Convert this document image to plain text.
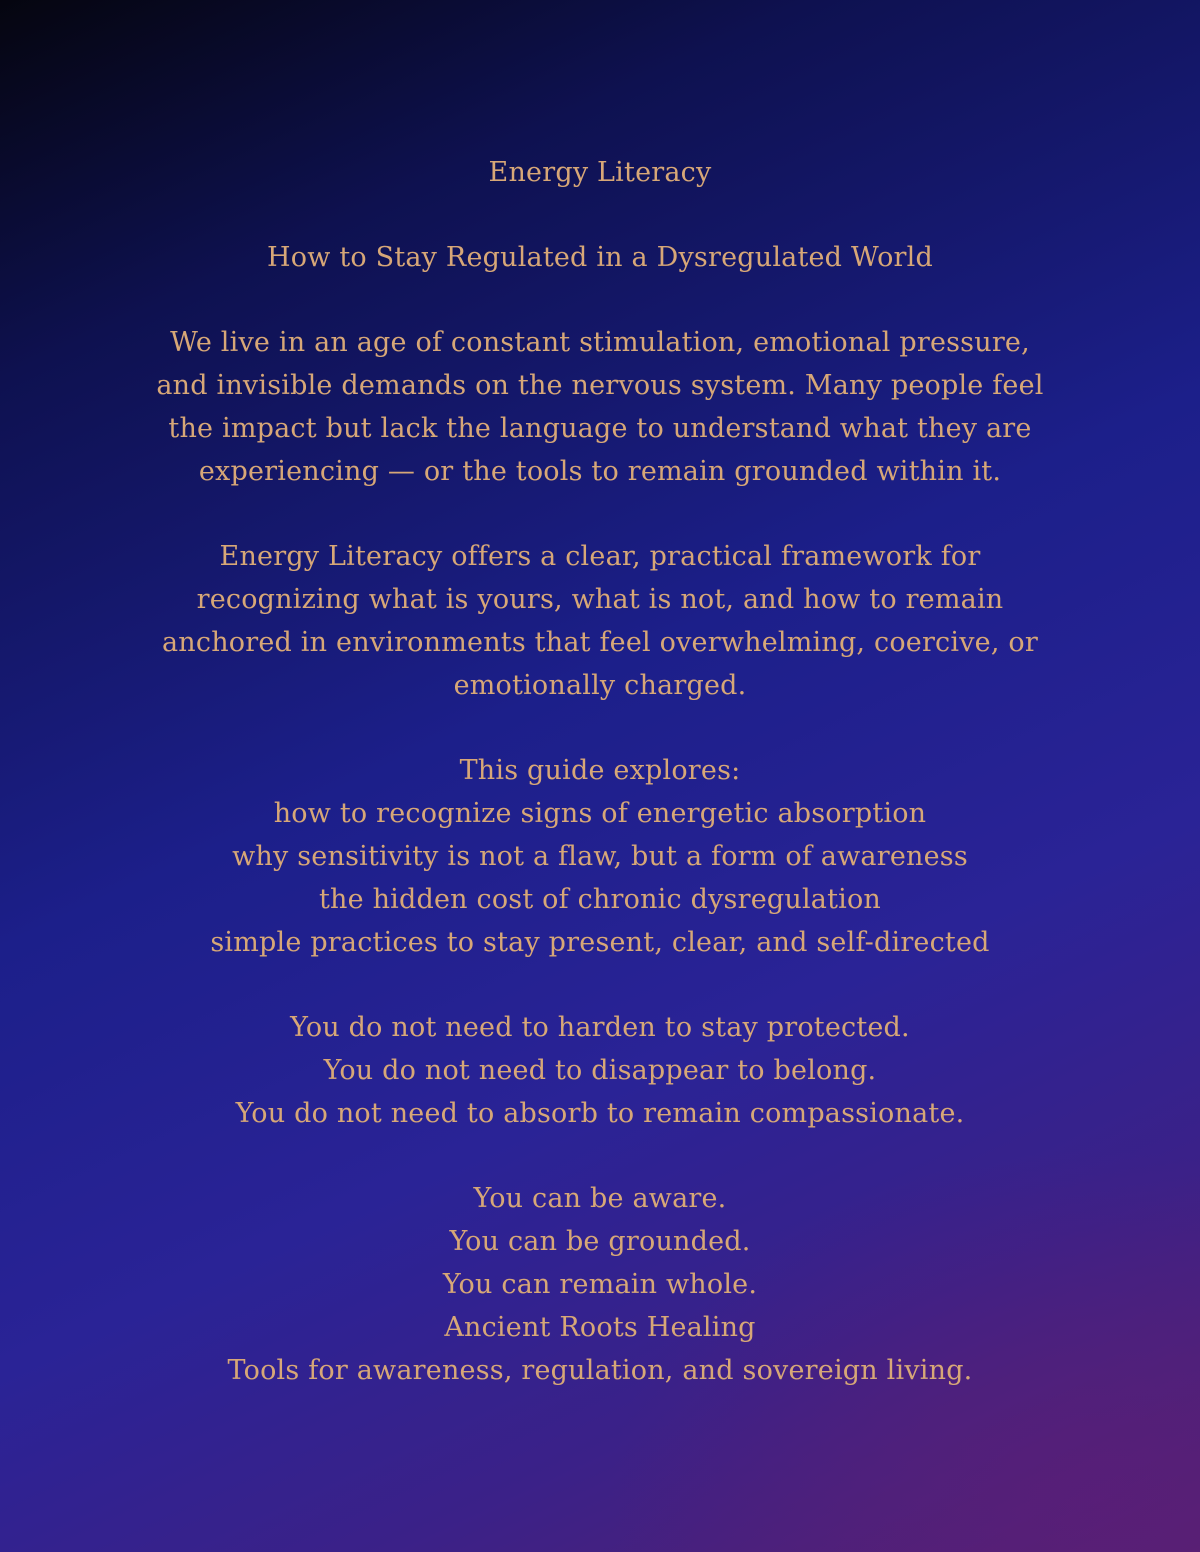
Energy Literacy
How to Stay Regulated in a Dysregulated World
We live in an age of constant stimulation, emotional pressure,
and invisible demands on the nervous system. Many people feel
the impact but lack the language to understand what they are
experiencing — or the tools to remain grounded within it.
Energy Literacy offers a clear, practical framework for
recognizing what is yours, what is not, and how to remain
anchored in environments that feel overwhelming, coercive, or
emotionally charged.
This guide explores:
how to recognize signs of energetic absorption
why sensitivity is not a flaw, but a form of awareness
the hidden cost of chronic dysregulation
simple practices to stay present, clear, and self-directed
You do not need to harden to stay protected.
You do not need to disappear to belong.
You do not need to absorb to remain compassionate.
You can be aware.
You can be grounded.
You can remain whole.
Ancient Roots Healing
Tools for awareness, regulation, and sovereign living.
